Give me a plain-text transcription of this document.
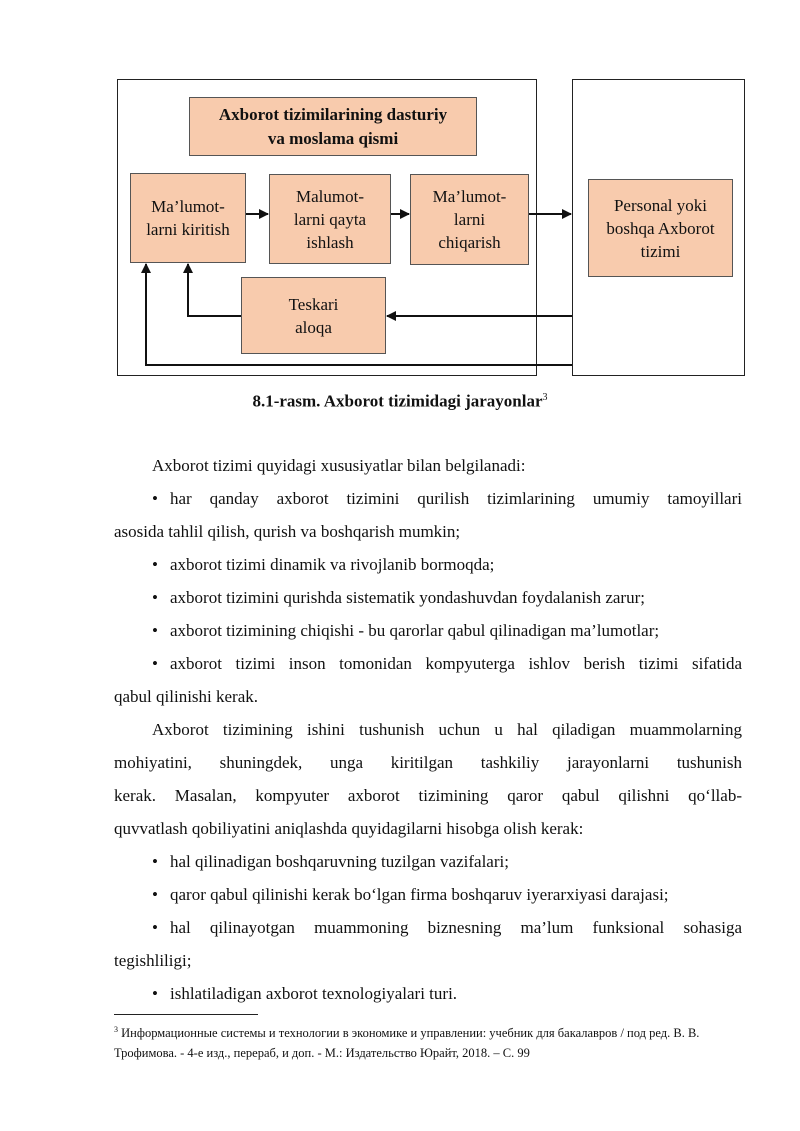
Axborot tizimilarining dasturiy
va moslama qismi
Ma’lumot-
larni kiritish
Malumot-
larni qayta
ishlash
Ma’lumot-
larni
chiqarish
Teskari
aloqa
Personal yoki
boshqa Axborot
tizimi
8.1-rasm. Axborot tizimidagi jarayonlar$^3$
Axborot tizimi quyidagi xususiyatlar bilan belgilanadi:
• har qanday axborot tizimini qurilish tizimlarining umumiy tamoyillari
asosida tahlil qilish, qurish va boshqarish mumkin;
• axborot tizimi dinamik va rivojlanib bormoqda;
• axborot tizimini qurishda sistematik yondashuvdan foydalanish zarur;
• axborot tizimining chiqishi - bu qarorlar qabul qilinadigan ma’lumotlar;
• axborot tizimi inson tomonidan kompyuterga ishlov berish tizimi sifatida
qabul qilinishi kerak.
Axborot tizimining ishini tushunish uchun u hal qiladigan muammolarning
mohiyatini, shuningdek, unga kiritilgan tashkiliy jarayonlarni tushunish
kerak. Masalan, kompyuter axborot tizimining qaror qabul qilishni qo‘llab-
quvvatlash qobiliyatini aniqlashda quyidagilarni hisobga olish kerak:
• hal qilinadigan boshqaruvning tuzilgan vazifalari;
• qaror qabul qilinishi kerak bo‘lgan firma boshqaruv iyerarxiyasi darajasi;
• hal qilinayotgan muammoning biznesning ma’lum funksional sohasiga
tegishliligi;
• ishlatiladigan axborot texnologiyalari turi.
$^3$ Информационные системы и технологии в экономике и управлении: учебник для бакалавров / под ред. В. В.
Трофимова. - 4-е изд., перераб, и доп. - М.: Издательство Юрайт, 2018. – С. 99
